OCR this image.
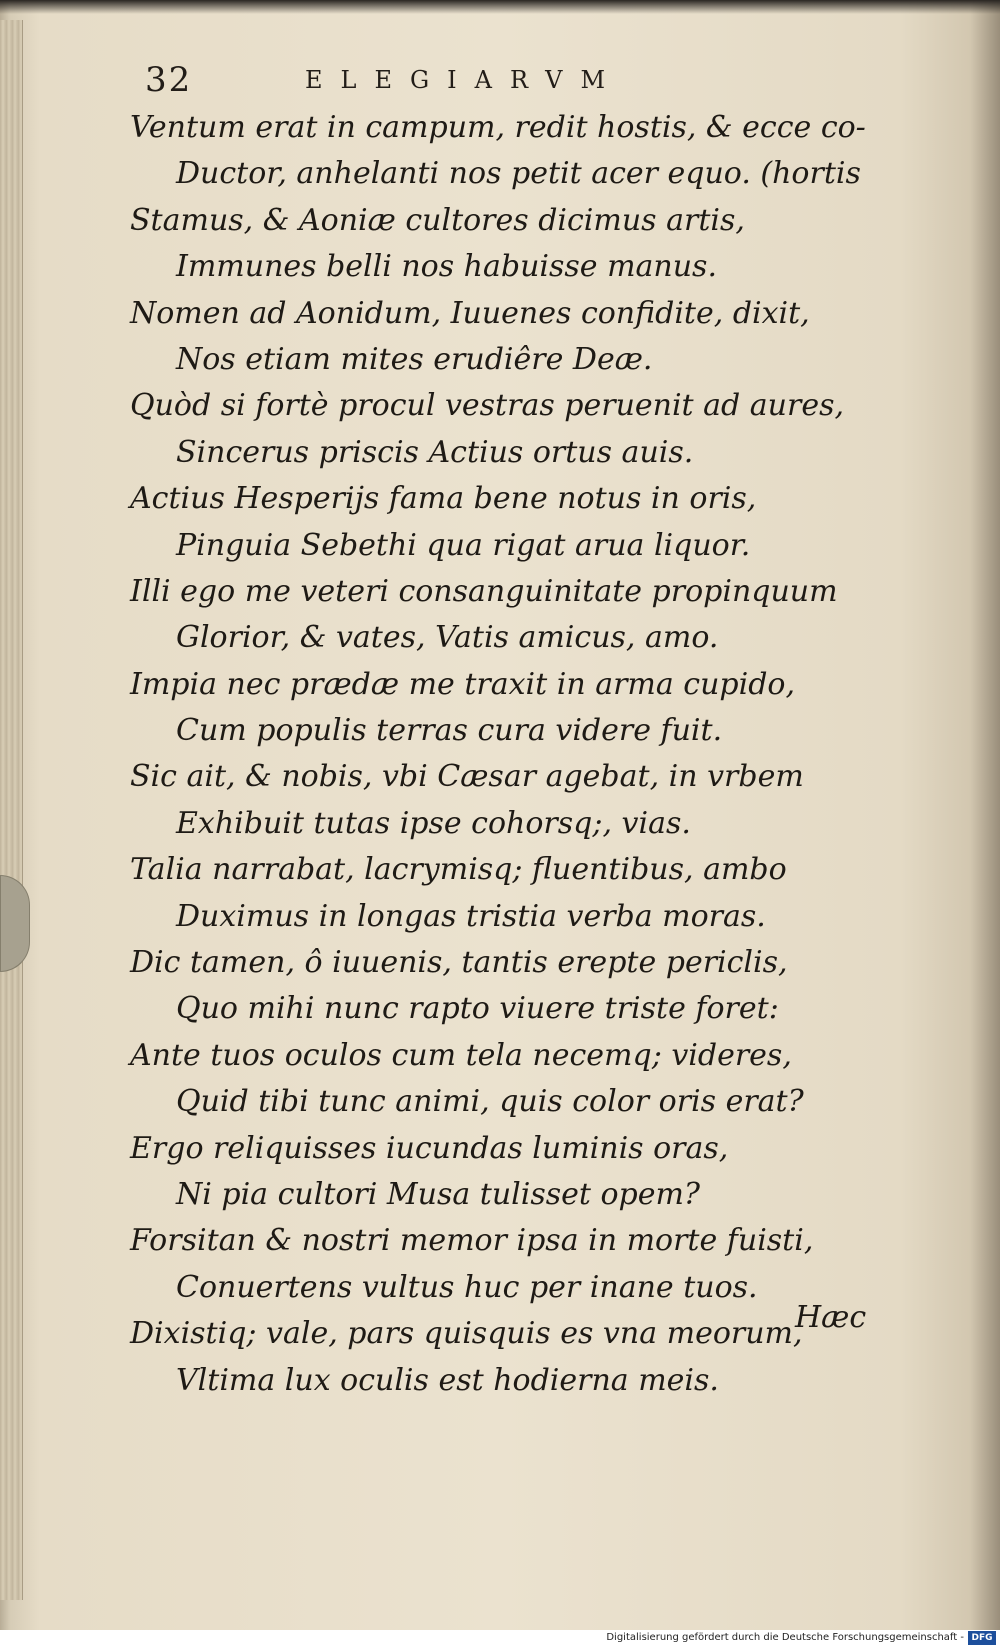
32	ELEGIARVM
Ventum erat in campum, redit hostis, & ecce co-
Ductor, anhelanti nos petit acer equo. (hortis
Stamus, & Aoniæ cultores dicimus artis,
Immunes belli nos habuisse manus.
Nomen ad Aonidum, Iuuenes confidite, dixit,
Nos etiam mites erudiêre Deæ.
Quòd si fortè procul vestras peruenit ad aures,
Sincerus priscis Actius ortus auis.
Actius Hesperijs fama bene notus in oris,
Pinguia Sebethi qua rigat arua liquor.
Illi ego me veteri consanguinitate propinquum
Glorior, & vates, Vatis amicus, amo.
Impia nec prædæ me traxit in arma cupido,
Cum populis terras cura videre fuit.
Sic ait, & nobis, vbi Cæsar agebat, in vrbem
Exhibuit tutas ipse cohorsq;, vias.
Talia narrabat, lacrymisq; fluentibus, ambo
Duximus in longas tristia verba moras.
Dic tamen, ô iuuenis, tantis erepte periclis,
Quo mihi nunc rapto viuere triste foret:
Ante tuos oculos cum tela necemq; videres,
Quid tibi tunc animi, quis color oris erat?
Ergo reliquisses iucundas luminis oras,
Ni pia cultori Musa tulisset opem?
Forsitan & nostri memor ipsa in morte fuisti,
Conuertens vultus huc per inane tuos.
Dixistiq; vale, pars quisquis es vna meorum,
Vltima lux oculis est hodierna meis.
Hæc
Digitalisierung gefördert durch die Deutsche Forschungsgemeinschaft - DFG
